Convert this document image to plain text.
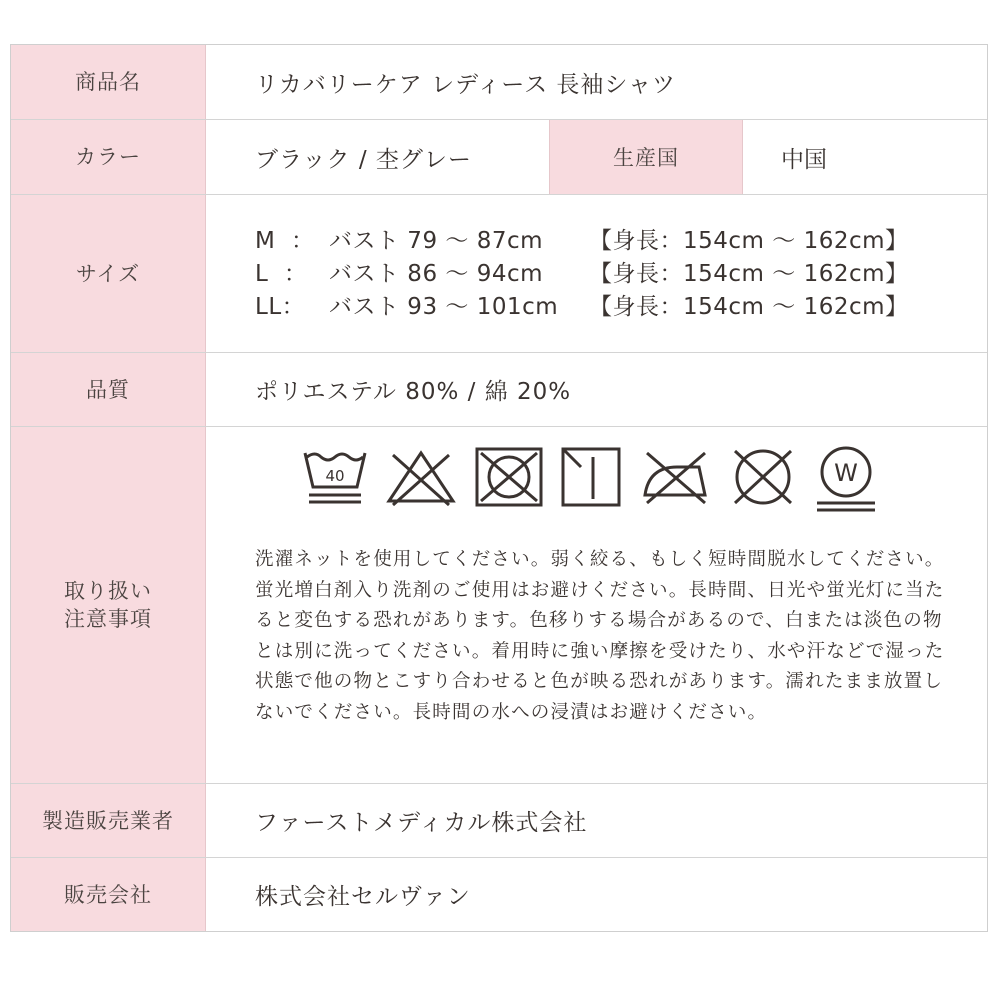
商品名	リカバリーケア レディース 長袖シャツ
カラー	ブラック / 杢グレー	生産国	中国
サイズ
M  ： バスト 79 〜 87cm	【身長：154cm 〜 162cm】
L  ： バスト 86 〜 94cm	【身長：154cm 〜 162cm】
LL：	バスト 93 〜 101cm	【身長：154cm 〜 162cm】
品質	ポリエステル 80% / 綿 20%
取り扱い
注意事項
40	W
洗濯ネットを使用してください。弱く絞る、もしく短時間脱水してください。蛍光増白剤入り洗剤のご使用はお避けください。長時間、日光や蛍光灯に当たると変色する恐れがあります。色移りする場合があるので、白または淡色の物とは別に洗ってください。着用時に強い摩擦を受けたり、水や汗などで湿った状態で他の物とこすり合わせると色が映る恐れがあります。濡れたまま放置しないでください。長時間の水への浸漬はお避けください。
製造販売業者	ファーストメディカル株式会社
販売会社	株式会社セルヴァン
